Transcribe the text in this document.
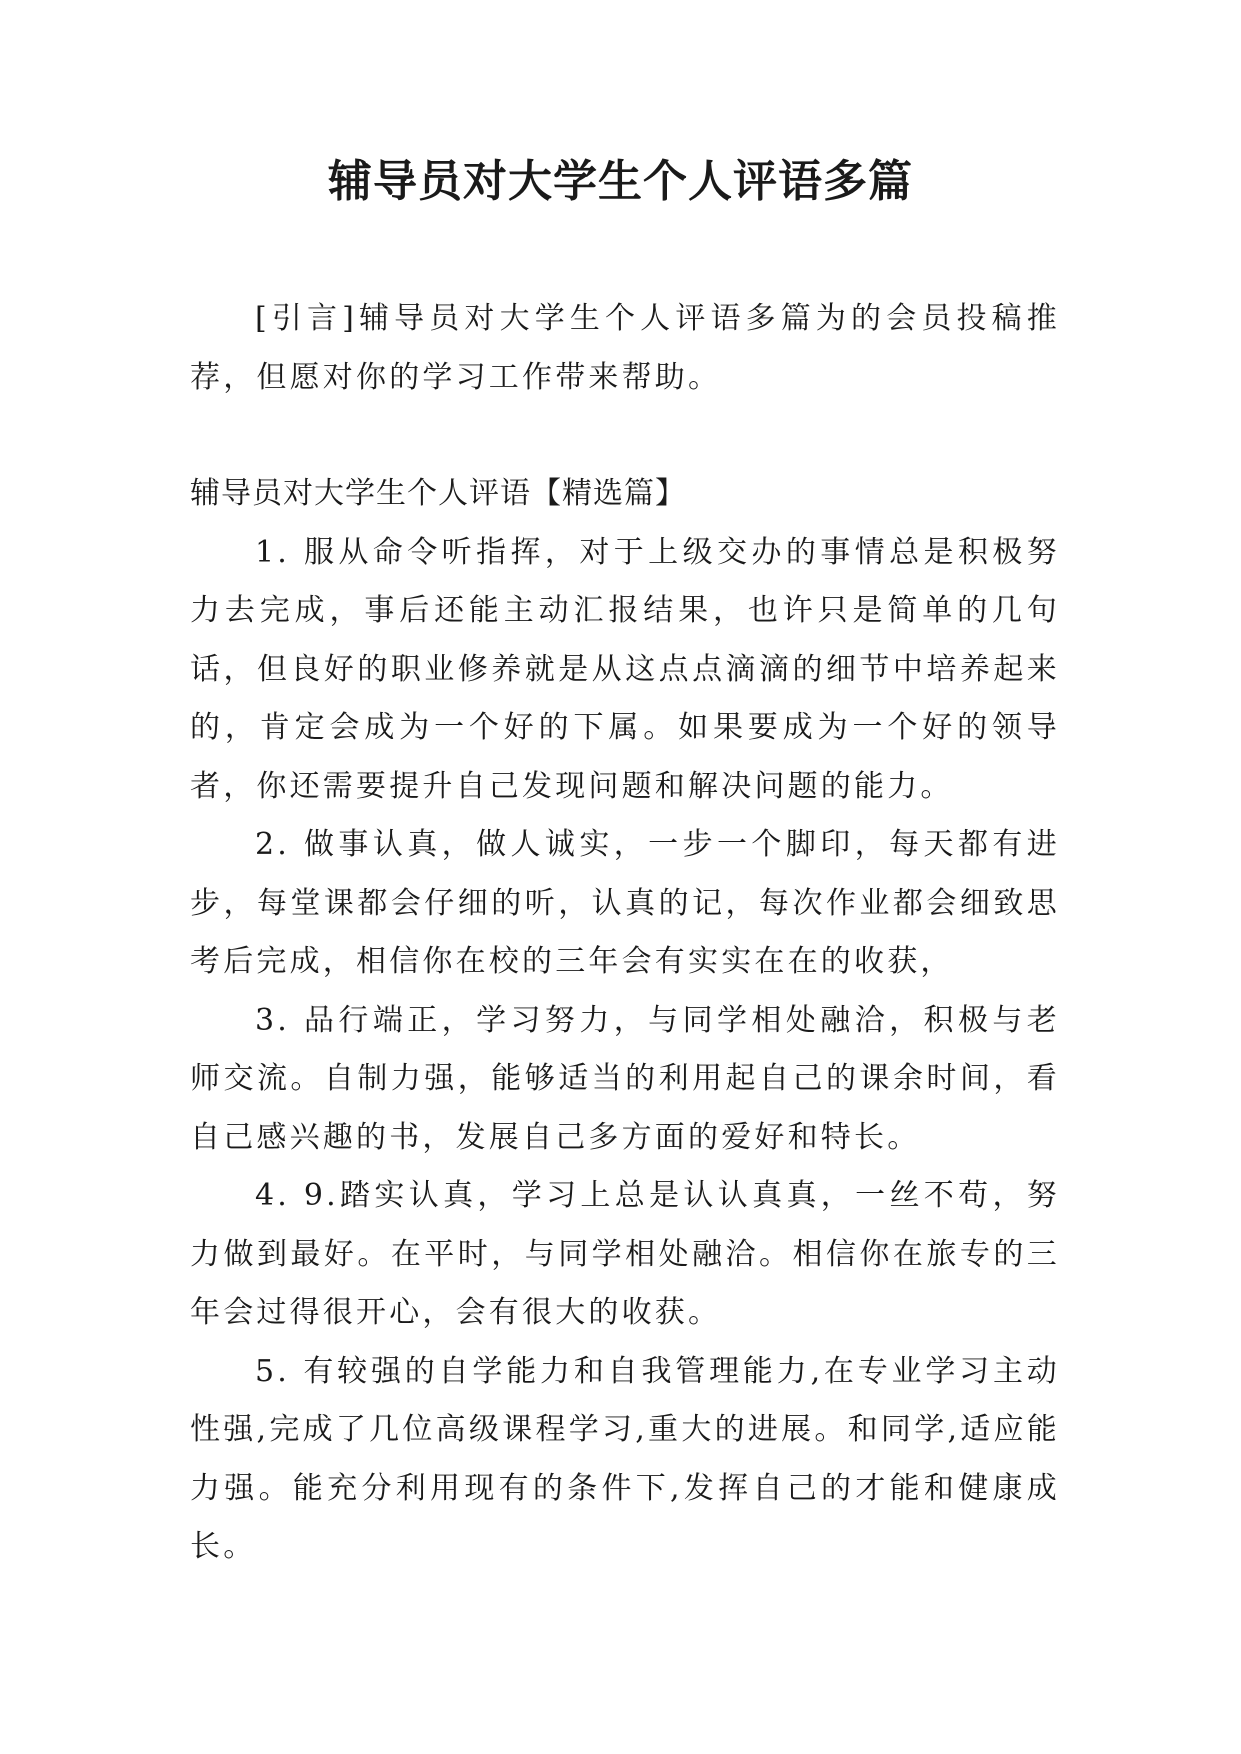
辅导员对大学生个人评语多篇

[引言]辅导员对大学生个人评语多篇为的会员投稿推荐，但愿对你的学习工作带来帮助。

辅导员对大学生个人评语【精选篇】

1. 服从命令听指挥，对于上级交办的事情总是积极努力去完成，事后还能主动汇报结果，也许只是简单的几句话，但良好的职业修养就是从这点点滴滴的细节中培养起来的，肯定会成为一个好的下属。如果要成为一个好的领导者，你还需要提升自己发现问题和解决问题的能力。

2. 做事认真，做人诚实，一步一个脚印，每天都有进步，每堂课都会仔细的听，认真的记，每次作业都会细致思考后完成，相信你在校的三年会有实实在在的收获，

3. 品行端正，学习努力，与同学相处融洽，积极与老师交流。自制力强，能够适当的利用起自己的课余时间，看自己感兴趣的书，发展自己多方面的爱好和特长。

4. 9.踏实认真，学习上总是认认真真，一丝不苟，努力做到最好。在平时，与同学相处融洽。相信你在旅专的三年会过得很开心，会有很大的收获。

5. 有较强的自学能力和自我管理能力,在专业学习主动性强,完成了几位高级课程学习,重大的进展。和同学,适应能力强。能充分利用现有的条件下,发挥自己的才能和健康成长。
